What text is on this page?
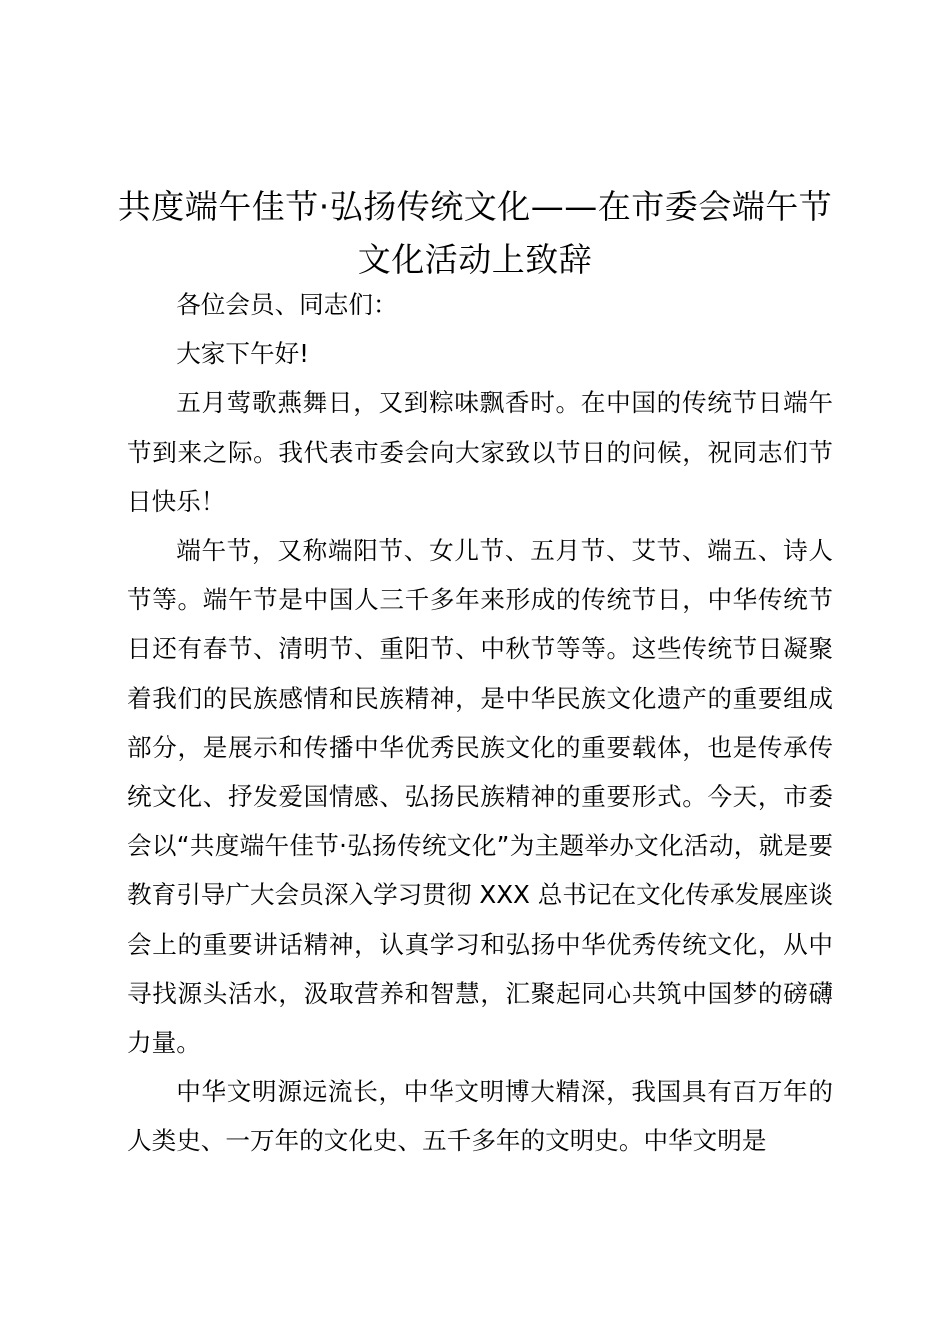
共度端午佳节·弘扬传统文化——在市委会端午节文化活动上致辞

各位会员、同志们：

大家下午好!

五月莺歌燕舞日，又到粽味飘香时。在中国的传统节日端午节到来之际。我代表市委会向大家致以节日的问候，祝同志们节日快乐！

端午节，又称端阳节、女儿节、五月节、艾节、端五、诗人节等。端午节是中国人三千多年来形成的传统节日，中华传统节日还有春节、清明节、重阳节、中秋节等等。这些传统节日凝聚着我们的民族感情和民族精神，是中华民族文化遗产的重要组成部分，是展示和传播中华优秀民族文化的重要载体，也是传承传统文化、抒发爱国情感、弘扬民族精神的重要形式。今天，市委会以“共度端午佳节·弘扬传统文化”为主题举办文化活动，就是要教育引导广大会员深入学习贯彻 XXX 总书记在文化传承发展座谈会上的重要讲话精神，认真学习和弘扬中华优秀传统文化，从中寻找源头活水，汲取营养和智慧，汇聚起同心共筑中国梦的磅礴力量。

中华文明源远流长，中华文明博大精深，我国具有百万年的人类史、一万年的文化史、五千多年的文明史。中华文明是
